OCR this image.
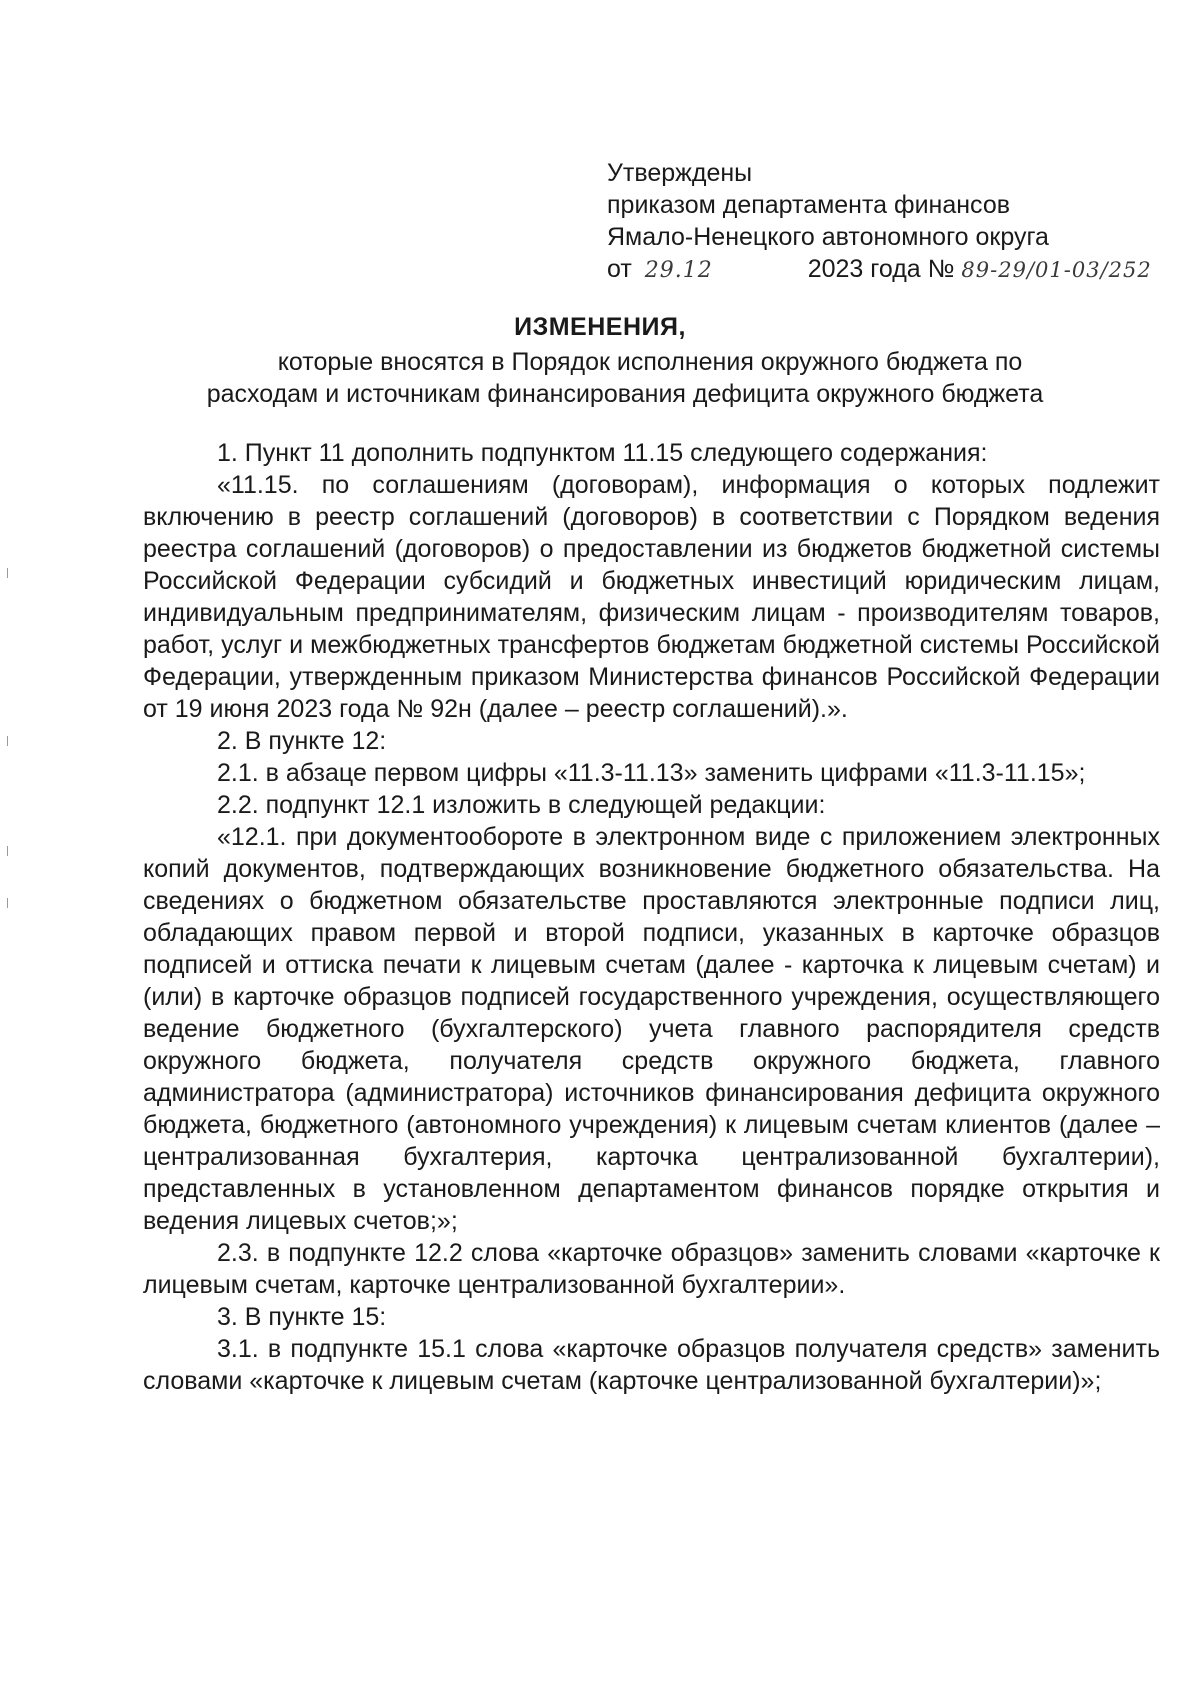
Утверждены
приказом департамента финансов
Ямало-Ненецкого автономного округа
от 29.12	2023 года № 89-29/01-03/252
ИЗМЕНЕНИЯ,
которые вносятся в Порядок исполнения окружного бюджета по
расходам и источникам финансирования дефицита окружного бюджета

1. Пункт 11 дополнить подпунктом 11.15 следующего содержания:

«11.15. по соглашениям (договорам), информация о которых подлежит включению в реестр соглашений (договоров) в соответствии с Порядком ведения реестра соглашений (договоров) о предоставлении из бюджетов бюджетной системы Российской Федерации субсидий и бюджетных инвестиций юридическим лицам, индивидуальным предпринимателям, физическим лицам - производителям товаров, работ, услуг и межбюджетных трансфертов бюджетам бюджетной системы Российской Федерации, утвержденным приказом Министерства финансов Российской Федерации от 19 июня 2023 года № 92н (далее – реестр соглашений).».

2. В пункте 12:

2.1. в абзаце первом цифры «11.3-11.13» заменить цифрами «11.3-11.15»;

2.2. подпункт 12.1 изложить в следующей редакции:

«12.1. при документообороте в электронном виде с приложением электронных копий документов, подтверждающих возникновение бюджетного обязательства. На сведениях о бюджетном обязательстве проставляются электронные подписи лиц, обладающих правом первой и второй подписи, указанных в карточке образцов подписей и оттиска печати к лицевым счетам (далее - карточка к лицевым счетам) и (или) в карточке образцов подписей государственного учреждения, осуществляющего ведение бюджетного (бухгалтерского) учета главного распорядителя средств окружного бюджета, получателя средств окружного бюджета, главного администратора (администратора) источников финансирования дефицита окружного бюджета, бюджетного (автономного учреждения) к лицевым счетам клиентов (далее – централизованная бухгалтерия, карточка централизованной бухгалтерии), представленных в установленном департаментом финансов порядке открытия и ведения лицевых счетов;»;

2.3. в подпункте 12.2 слова «карточке образцов» заменить словами «карточке к лицевым счетам, карточке централизованной бухгалтерии».

3. В пункте 15:

3.1. в подпункте 15.1 слова «карточке образцов получателя средств» заменить словами «карточке к лицевым счетам (карточке централизованной бухгалтерии)»;
